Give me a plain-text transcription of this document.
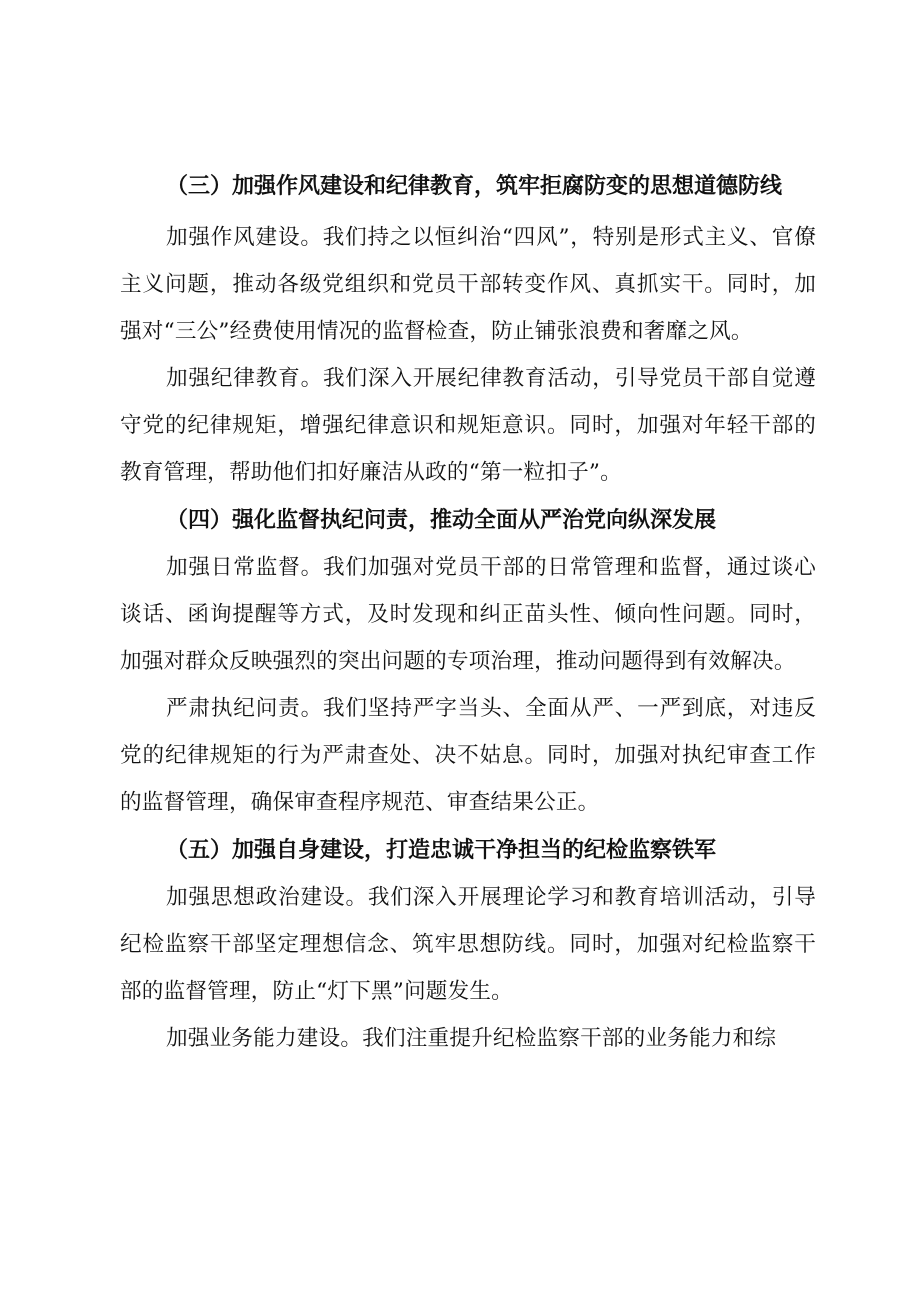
（三）加强作风建设和纪律教育，筑牢拒腐防变的思想道德防线

加强作风建设。我们持之以恒纠治“四风”，特别是形式主义、官僚主义问题，推动各级党组织和党员干部转变作风、真抓实干。同时，加强对“三公”经费使用情况的监督检查，防止铺张浪费和奢靡之风。

加强纪律教育。我们深入开展纪律教育活动，引导党员干部自觉遵守党的纪律规矩，增强纪律意识和规矩意识。同时，加强对年轻干部的教育管理，帮助他们扣好廉洁从政的“第一粒扣子”。

（四）强化监督执纪问责，推动全面从严治党向纵深发展

加强日常监督。我们加强对党员干部的日常管理和监督，通过谈心谈话、函询提醒等方式，及时发现和纠正苗头性、倾向性问题。同时，加强对群众反映强烈的突出问题的专项治理，推动问题得到有效解决。

严肃执纪问责。我们坚持严字当头、全面从严、一严到底，对违反党的纪律规矩的行为严肃查处、决不姑息。同时，加强对执纪审查工作的监督管理，确保审查程序规范、审查结果公正。

（五）加强自身建设，打造忠诚干净担当的纪检监察铁军

加强思想政治建设。我们深入开展理论学习和教育培训活动，引导纪检监察干部坚定理想信念、筑牢思想防线。同时，加强对纪检监察干部的监督管理，防止“灯下黑”问题发生。

加强业务能力建设。我们注重提升纪检监察干部的业务能力和综
